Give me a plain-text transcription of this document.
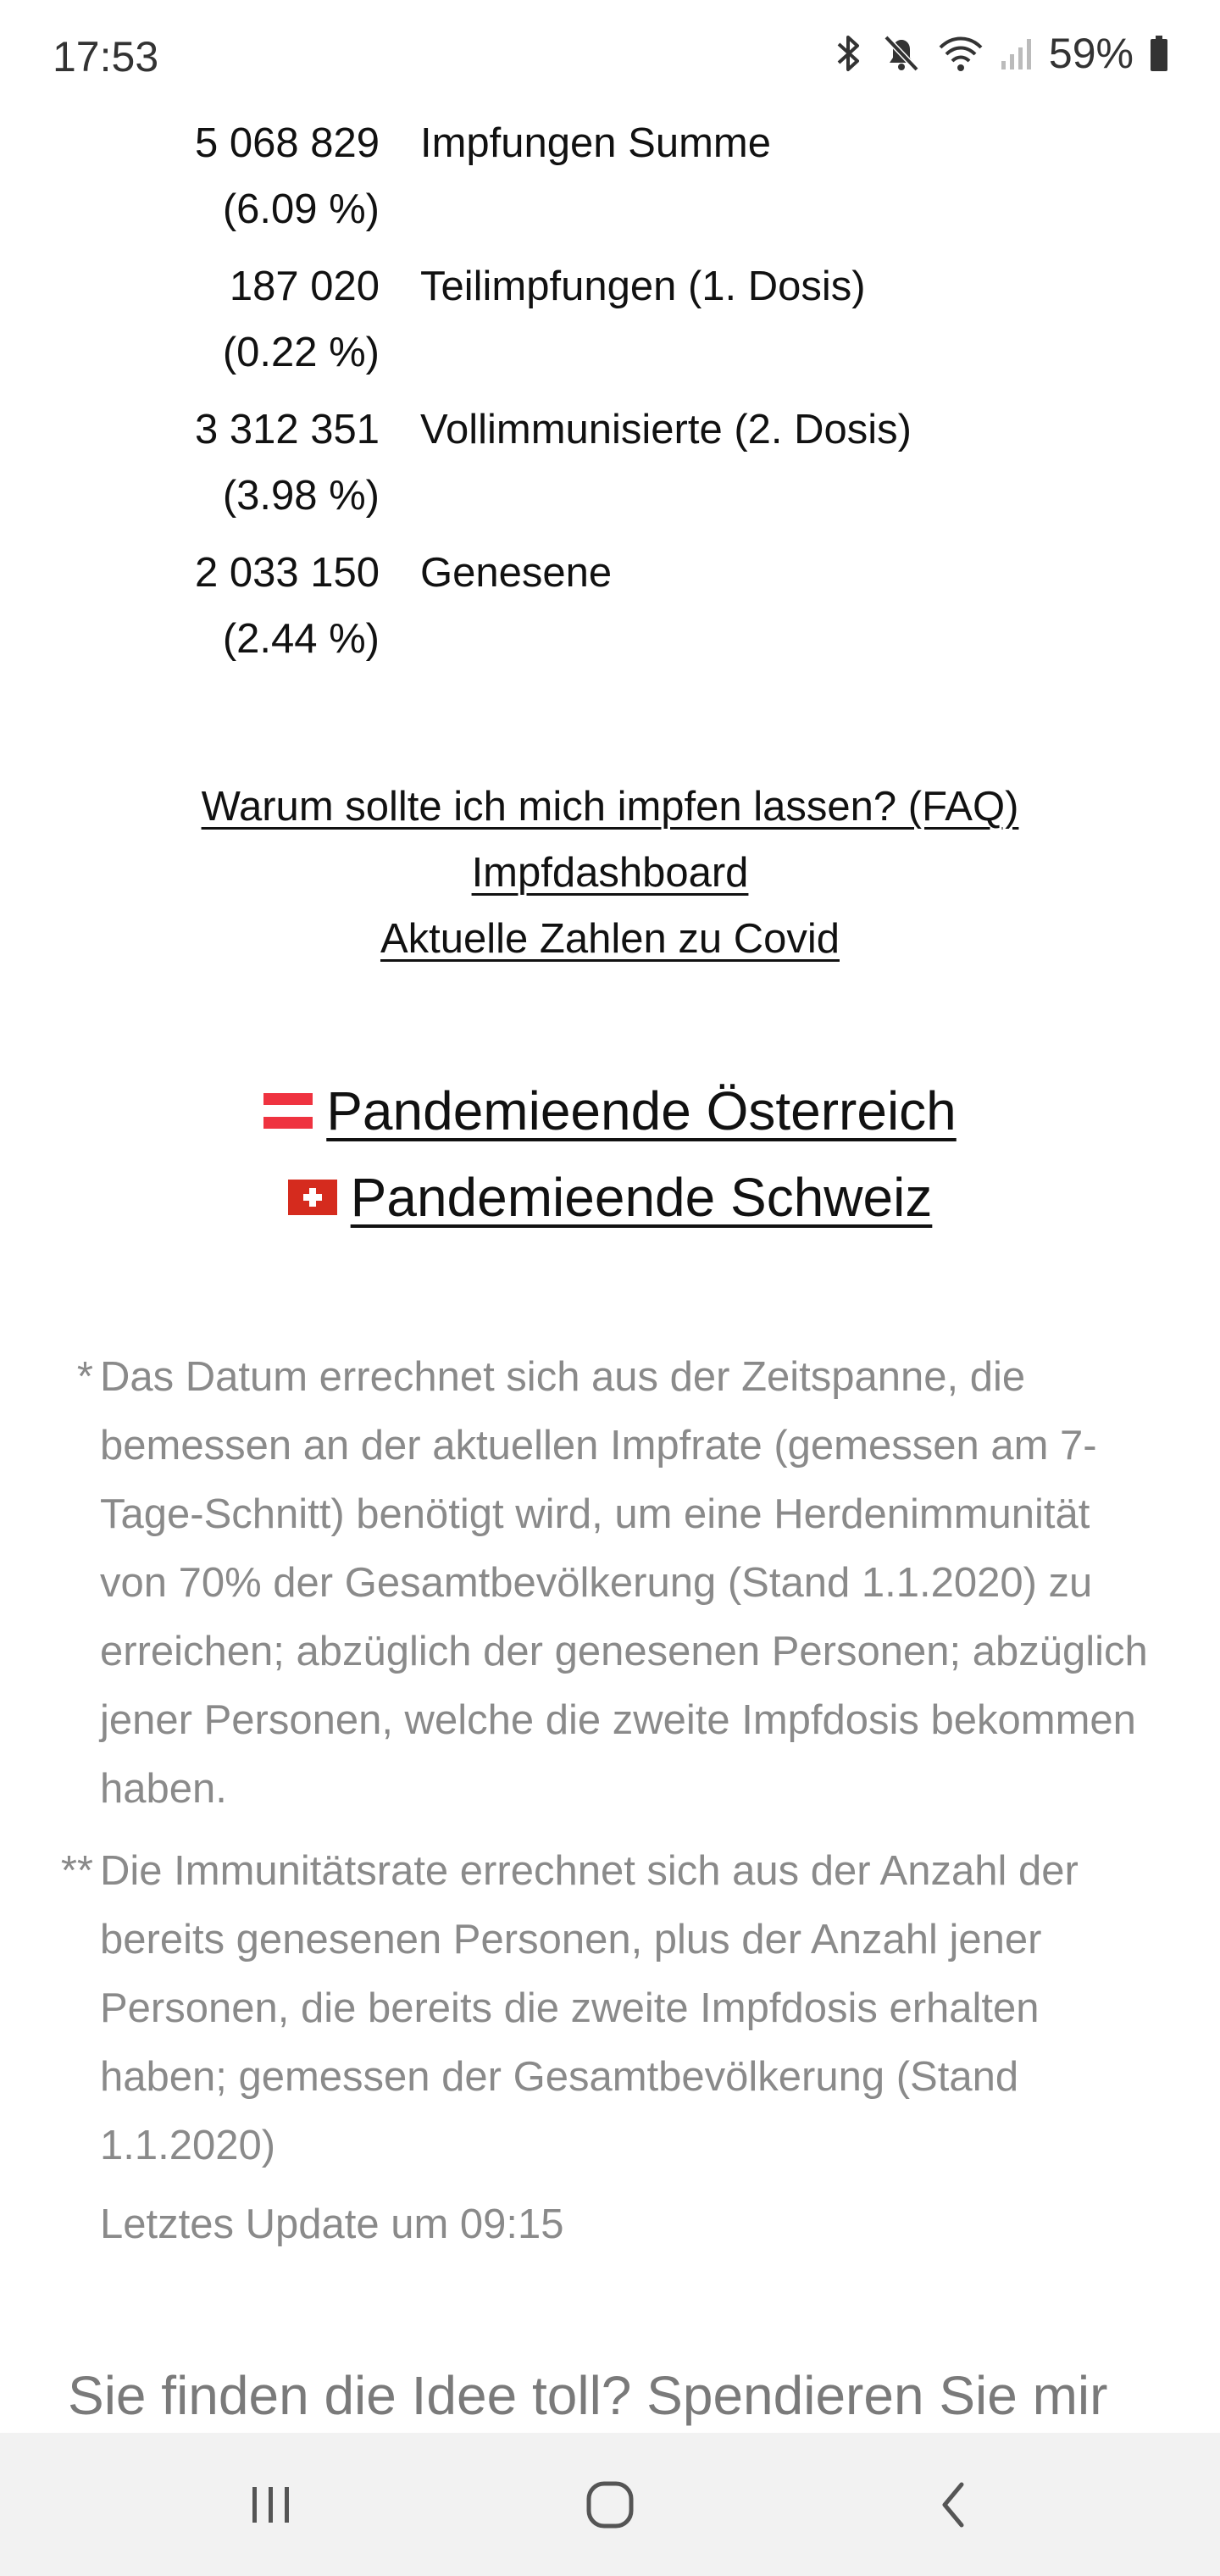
17:53	59%
5 068 829
(6.09 %)
Impfungen Summe
187 020
(0.22 %)
Teilimpfungen (1. Dosis)
3 312 351
(3.98 %)
Vollimmunisierte (2. Dosis)
2 033 150
(2.44 %)
Genesene
Warum sollte ich mich impfen lassen? (FAQ)
Impfdashboard
Aktuelle Zahlen zu Covid
Pandemieende Österreich
Pandemieende Schweiz
* Das Datum errechnet sich aus der Zeitspanne, die bemessen an der aktuellen Impfrate (gemessen am 7-Tage-Schnitt) benötigt wird, um eine Herdenimmunität von 70% der Gesamtbevölkerung (Stand 1.1.2020) zu erreichen; abzüglich der genesenen Personen; abzüglich jener Personen, welche die zweite Impfdosis bekommen haben.
** Die Immunitätsrate errechnet sich aus der Anzahl der bereits genesenen Personen, plus der Anzahl jener Personen, die bereits die zweite Impfdosis erhalten haben; gemessen der Gesamtbevölkerung (Stand 1.1.2020)
Letztes Update um 09:15
Sie finden die Idee toll? Spendieren Sie mir
